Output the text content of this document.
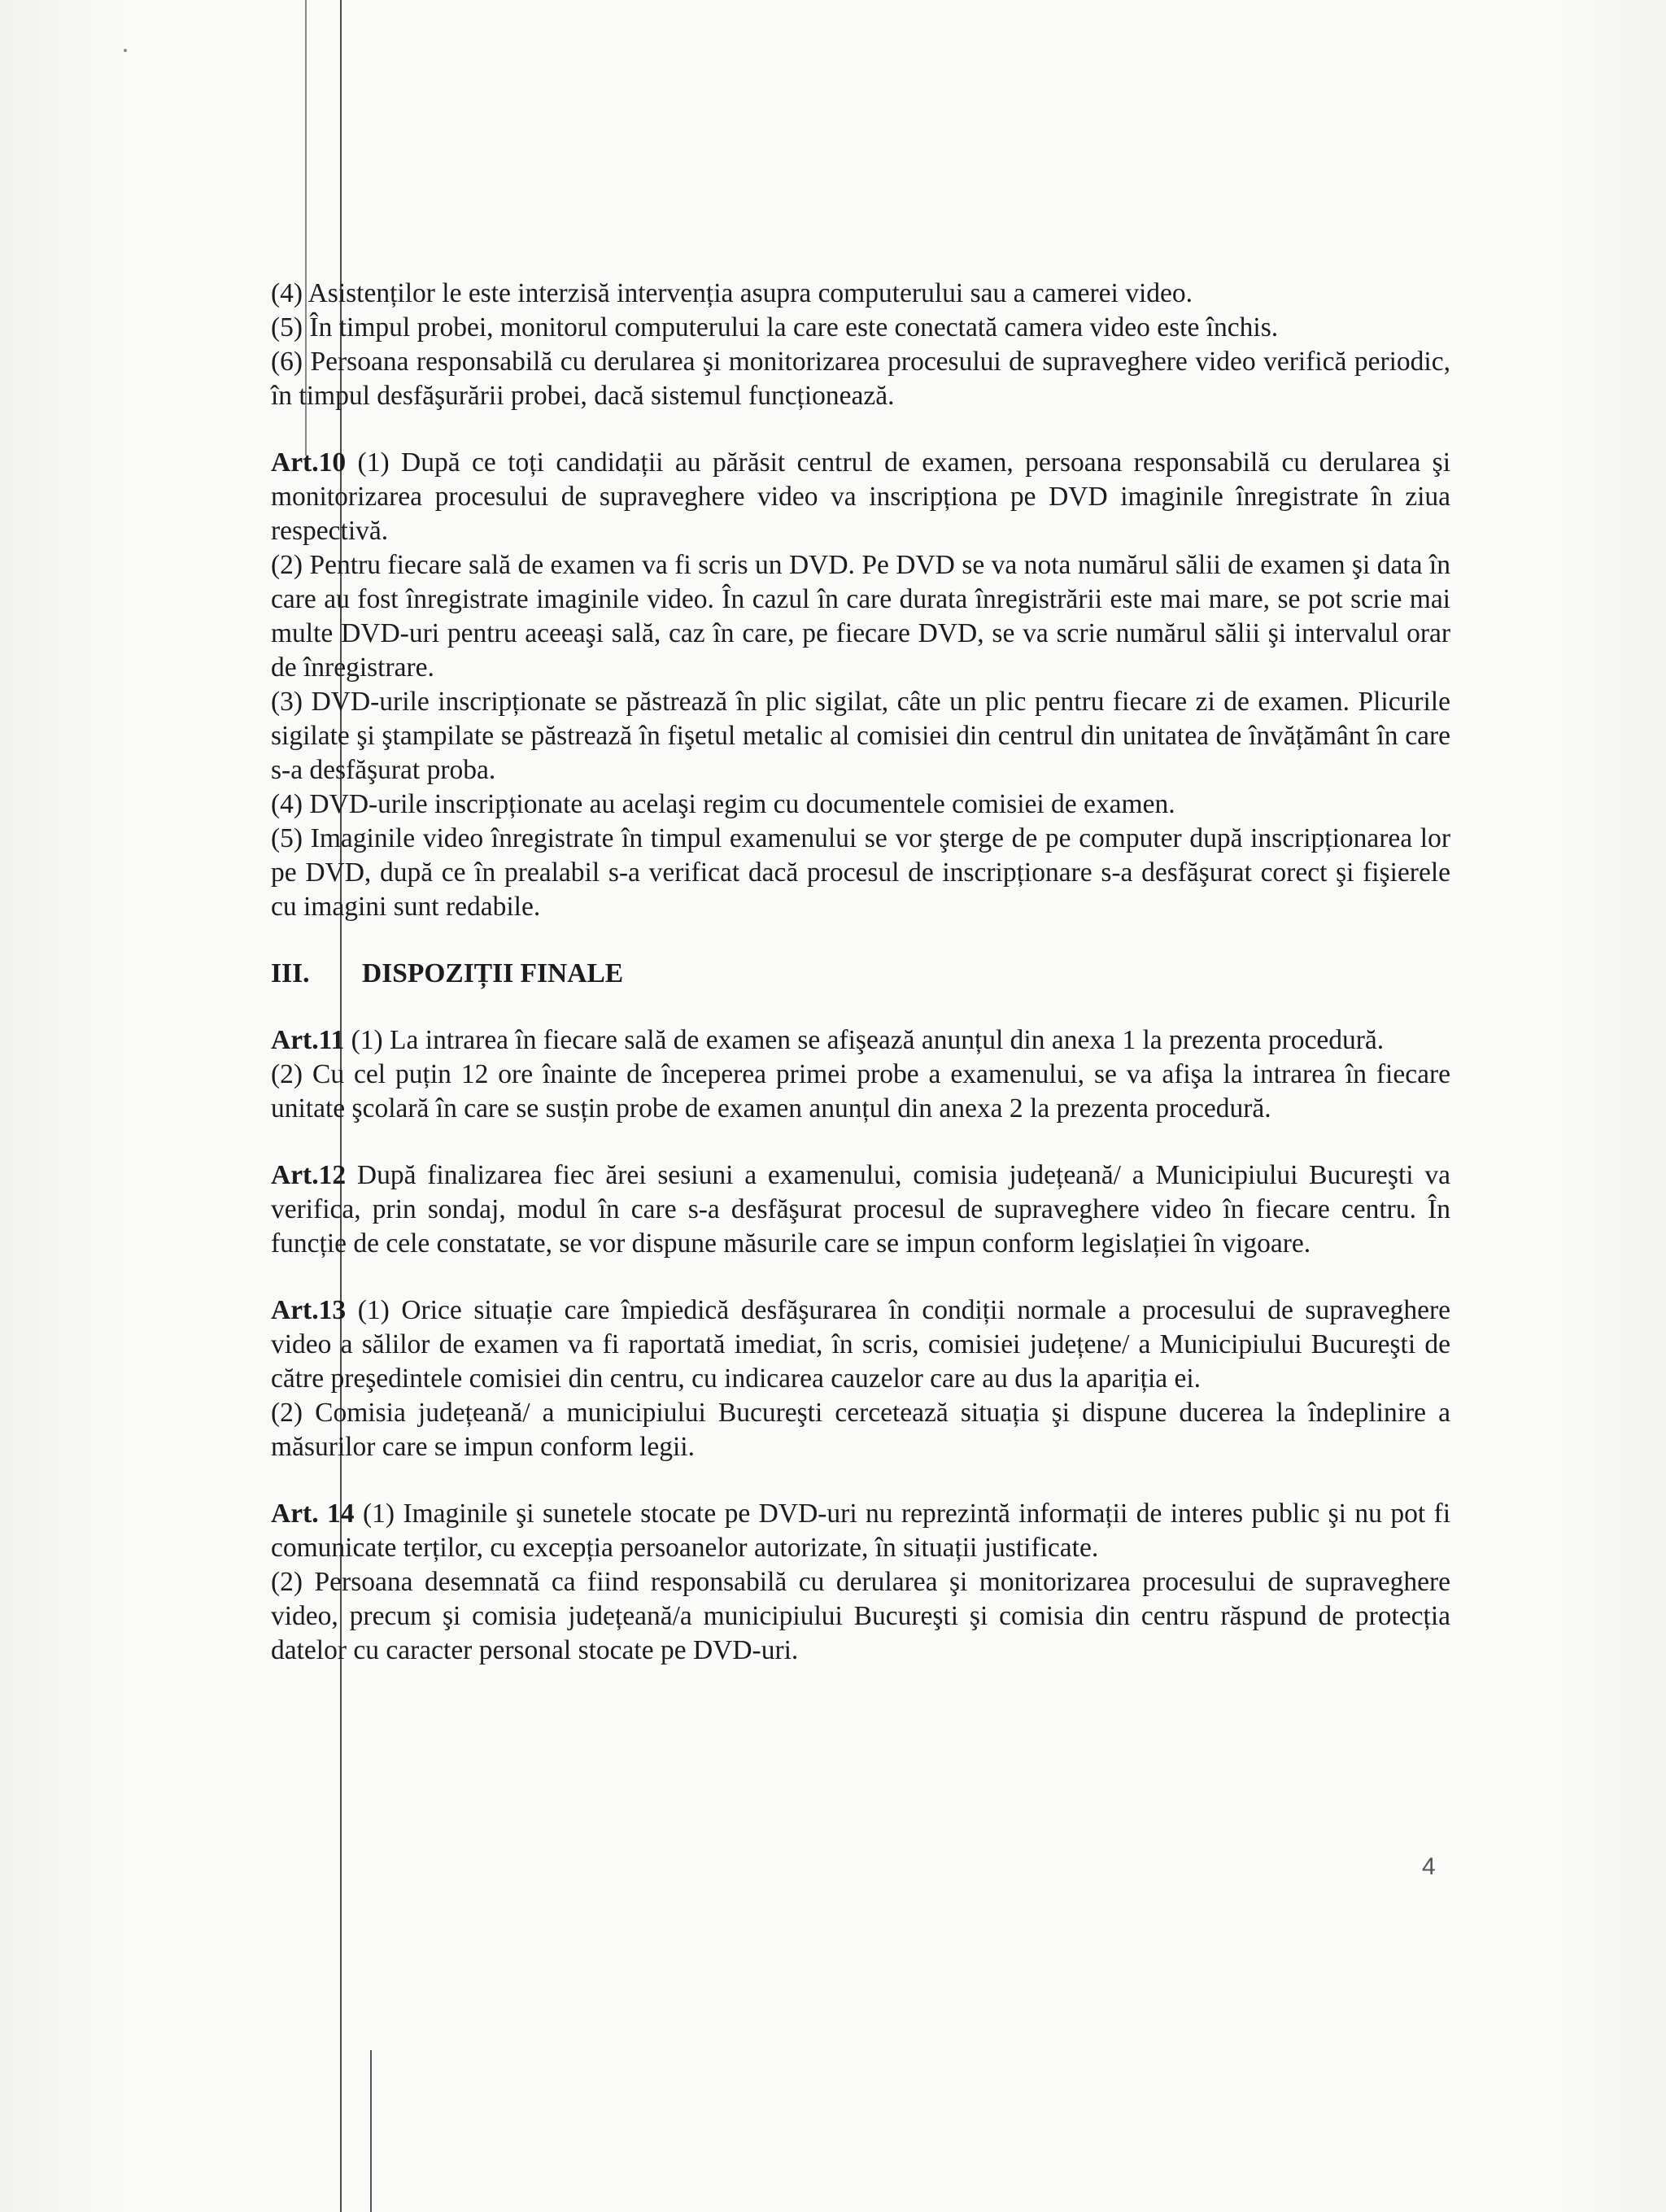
(4) Asistenților le este interzisă intervenția asupra computerului sau a camerei video.

(5) În timpul probei, monitorul computerului la care este conectată camera video este închis.

(6) Persoana responsabilă cu derularea şi monitorizarea procesului de supraveghere video verifică periodic, în timpul desfăşurării probei, dacă sistemul funcționează.

Art.10 (1) După ce toți candidații au părăsit centrul de examen, persoana responsabilă cu derularea şi monitorizarea procesului de supraveghere video va inscripționa pe DVD imaginile înregistrate în ziua respectivă.

(2) Pentru fiecare sală de examen va fi scris un DVD. Pe DVD se va nota numărul sălii de examen şi data în care au fost înregistrate imaginile video. În cazul în care durata înregistrării este mai mare, se pot scrie mai multe DVD-uri pentru aceeaşi sală, caz în care, pe fiecare DVD, se va scrie numărul sălii şi intervalul orar de înregistrare.

(3) DVD-urile inscripționate se păstrează în plic sigilat, câte un plic pentru fiecare zi de examen. Plicurile sigilate şi ştampilate se păstrează în fişetul metalic al comisiei din centrul din unitatea de învățământ în care s-a desfăşurat proba.

(4) DVD-urile inscripționate au acelaşi regim cu documentele comisiei de examen.

(5) Imaginile video înregistrate în timpul examenului se vor şterge de pe computer după inscripționarea lor pe DVD, după ce în prealabil s-a verificat dacă procesul de inscripționare s-a desfăşurat corect şi fişierele cu imagini sunt redabile.

III.	DISPOZIȚII FINALE

Art.11 (1) La intrarea în fiecare sală de examen se afişează anunțul din anexa 1 la prezenta procedură.

(2) Cu cel puțin 12 ore înainte de începerea primei probe a examenului, se va afişa la intrarea în fiecare unitate şcolară în care se susțin probe de examen anunțul din anexa 2 la prezenta procedură.

Art.12 După finalizarea fiec ărei sesiuni a examenului, comisia județeană/ a Municipiului Bucureşti va verifica, prin sondaj, modul în care s-a desfăşurat procesul de supraveghere video în fiecare centru. În funcție de cele constatate, se vor dispune măsurile care se impun conform legislației în vigoare.

Art.13 (1) Orice situație care împiedică desfăşurarea în condiții normale a procesului de supraveghere video a sălilor de examen va fi raportată imediat, în scris, comisiei județene/ a Municipiului Bucureşti de către preşedintele comisiei din centru, cu indicarea cauzelor care au dus la apariția ei.

(2) Comisia județeană/ a municipiului Bucureşti cercetează situația şi dispune ducerea la îndeplinire a măsurilor care se impun conform legii.

Art. 14 (1) Imaginile şi sunetele stocate pe DVD-uri nu reprezintă informații de interes public şi nu pot fi comunicate terților, cu excepția persoanelor autorizate, în situații justificate.

(2) Persoana desemnată ca fiind responsabilă cu derularea şi monitorizarea procesului de supraveghere video, precum şi comisia județeană/a municipiului Bucureşti şi comisia din centru răspund de protecția datelor cu caracter personal stocate pe DVD-uri.

4
